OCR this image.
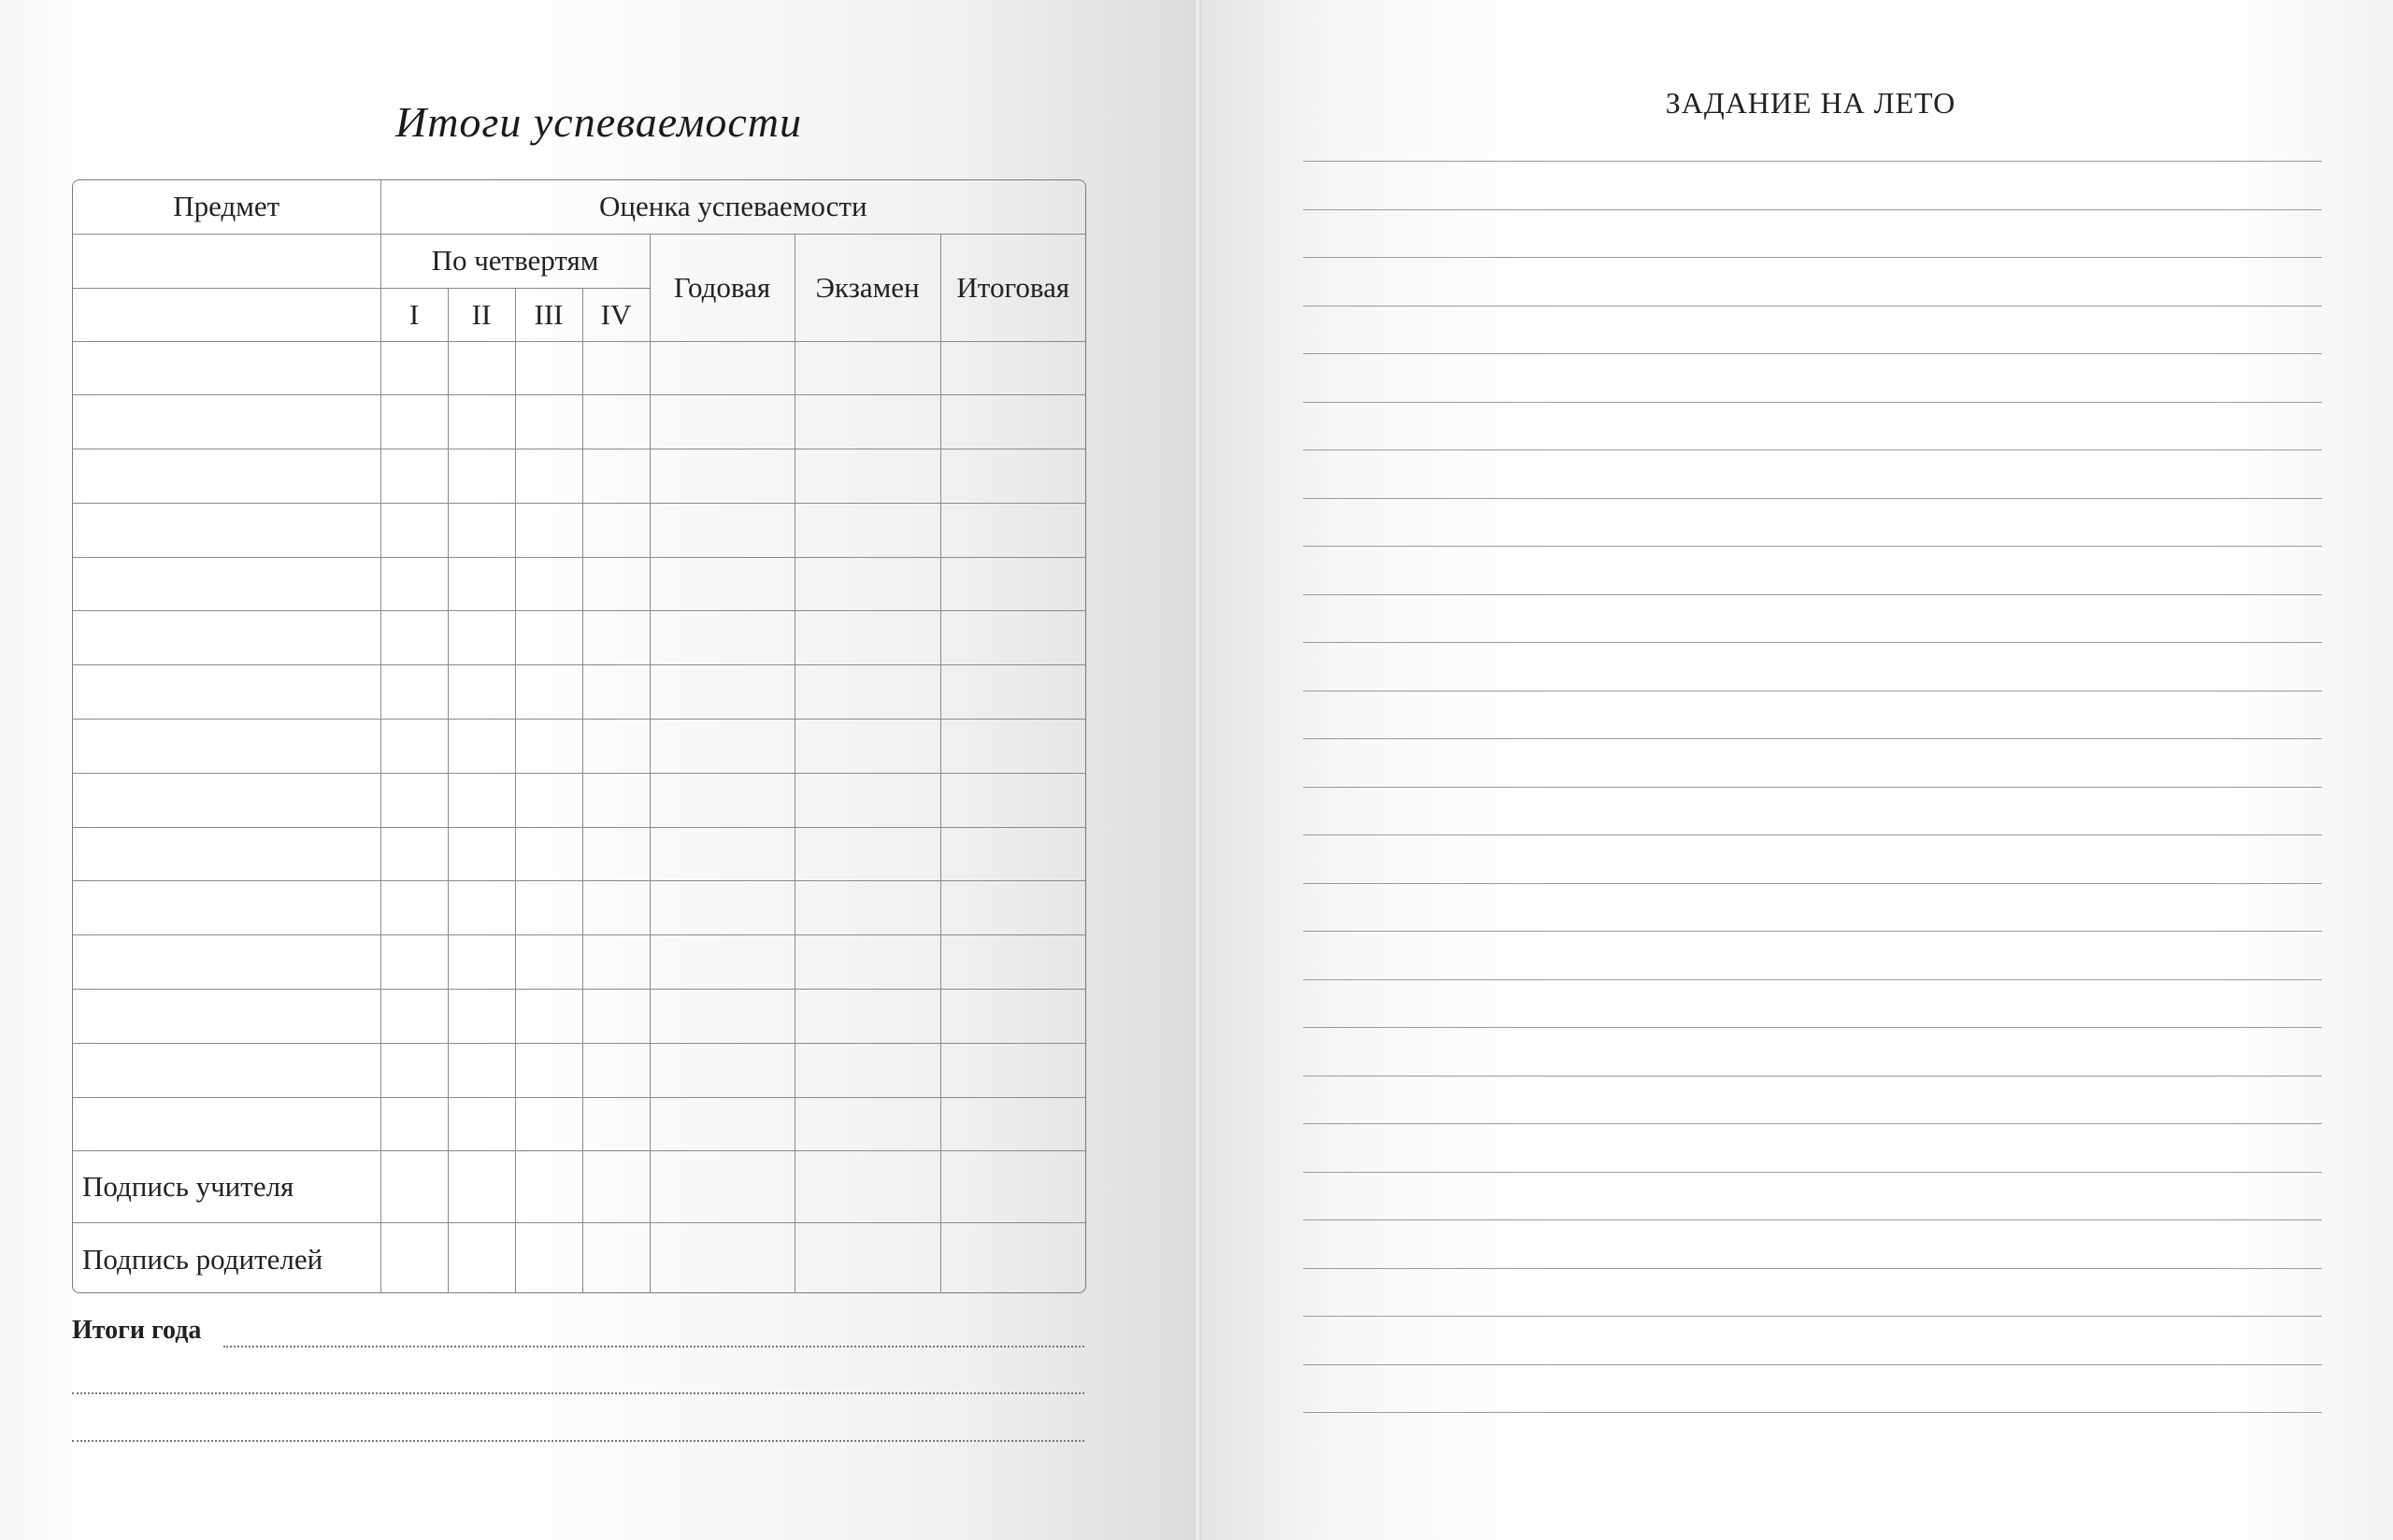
Итоги успеваемости
Предмет	Оценка успеваемости						
	По четвертям				Годовая	Экзамен	Итоговая
	I	II	III	IV			

Подпись учителя							
Подпись родителей							
Итоги года
ЗАДАНИЕ НА ЛЕТО
